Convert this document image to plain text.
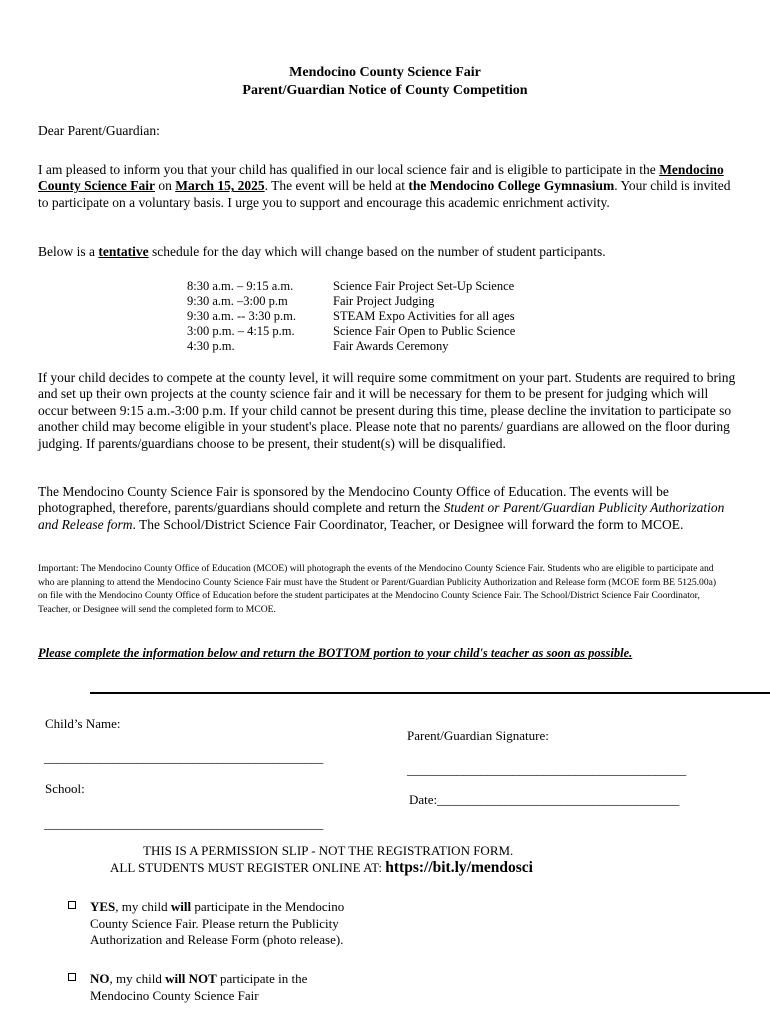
Mendocino County Science Fair
Parent/Guardian Notice of County Competition
Dear Parent/Guardian:
I am pleased to inform you that your child has qualified in our local science fair and is eligible to participate in the Mendocino County Science Fair on March 15, 2025. The event will be held at the Mendocino College Gymnasium. Your child is invited to participate on a voluntary basis. I urge you to support and encourage this academic enrichment activity.
Below is a tentative schedule for the day which will change based on the number of student participants.
8:30 a.m. – 9:15 a.m.
9:30 a.m. –3:00 p.m
9:30 a.m. -- 3:30 p.m.
3:00 p.m. – 4:15 p.m.
4:30 p.m.
Science Fair Project Set-Up Science
Fair Project Judging
STEAM Expo Activities for all ages
Science Fair Open to Public Science
Fair Awards Ceremony
If your child decides to compete at the county level, it will require some commitment on your part. Students are required to bring and set up their own projects at the county science fair and it will be necessary for them to be present for judging which will occur between 9:15 a.m.-3:00 p.m. If your child cannot be present during this time, please decline the invitation to participate so another child may become eligible in your student's place. Please note that no parents/ guardians are allowed on the floor during judging. If parents/guardians choose to be present, their student(s) will be disqualified.
The Mendocino County Science Fair is sponsored by the Mendocino County Office of Education. The events will be photographed, therefore, parents/guardians should complete and return the Student or Parent/Guardian Publicity Authorization and Release form. The School/District Science Fair Coordinator, Teacher, or Designee will forward the form to MCOE.
Important: The Mendocino County Office of Education (MCOE) will photograph the events of the Mendocino County Science Fair. Students who are eligible to participate and who are planning to attend the Mendocino County Science Fair must have the Student or Parent/Guardian Publicity Authorization and Release form (MCOE form BE 5125.00a) on file with the Mendocino County Office of Education before the student participates at the Mendocino County Science Fair. The School/District Science Fair Coordinator, Teacher, or Designee will send the completed form to MCOE.
Please complete the information below and return the BOTTOM portion to your child's teacher as soon as possible.
Child’s Name:
_____________________________________________
School:
_____________________________________________
Parent/Guardian Signature:
_____________________________________________
Date:_______________________________________
THIS IS A PERMISSION SLIP - NOT THE REGISTRATION FORM.
ALL STUDENTS MUST REGISTER ONLINE AT: https://bit.ly/mendosci
YES, my child will participate in the Mendocino County Science Fair. Please return the Publicity Authorization and Release Form (photo release).
NO, my child will NOT participate in the Mendocino County Science Fair
